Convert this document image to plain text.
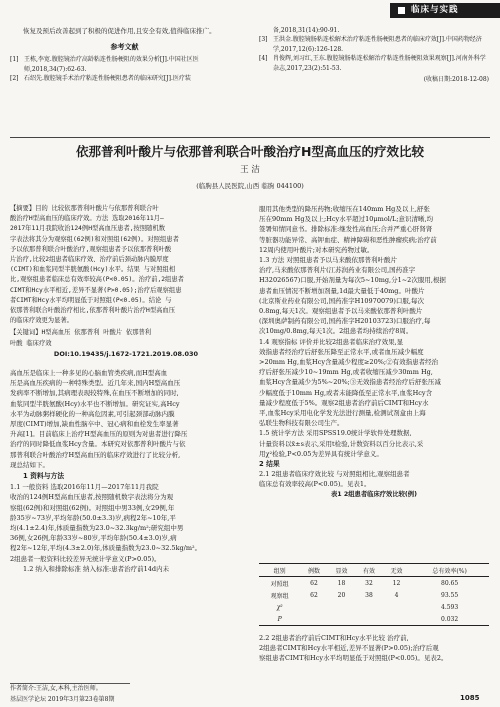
临床与实践

恢复及预后改善起到了积极的促进作用,且安全有效,值得临床推广。

参考文献
[1] 王栋,李宽.腹腔镜治疗高龄粘连性肠梗阻的效果分析[J].中国社区医师,2018,34(7):62-63.

[2] 石绍先.腹腔镜手术治疗粘连性肠梗阻患者的临床研究[J].医疗装

备,2018,31(14):90-91.

[3] 王洪金.腹腔镜肠粘连松解术治疗粘连性肠梗阻患者的临床疗效[J].中国药物经济学,2017,12(6):126-128.

[4] 肖俊辉,刘习红,王东.腹腔镜肠粘连松解治疗粘连性肠梗阻效果观察[J].河南外科学杂志,2017,23(2):51-53.

(收稿日期:2018-12-08)

依那普利叶酸片与依那普利联合叶酸治疗H型高血压的疗效比较
王 洁
(临朐县人民医院,山西 临朐 044100)
【摘要】目的 比较依那普利叶酸片与依那普利联合叶
酸治疗H型高血压的临床疗效。方法 选取2016年11月—
2017年11月我院收治124例H型高血压患者,按照随机数
字表法将其分为观察组(62例)和对照组(62例)。对照组患者
予以依那普利联合叶酸治疗,观察组患者予以依那普利叶酸
片治疗,比较2组患者临床疗效、治疗前后颈动脉内膜厚度
(CIMT)和血浆同型半胱氨酸(Hcy)水平。结果 与对照组相
比,观察组患者临床总有效率较高(P<0.05)。治疗前,2组患者
CIMT和Hcy水平相近,差异不显著(P>0.05);治疗后观察组患
者CIMT和Hcy水平均明显低于对照组(P<0.05)。结论 与
依那普利联合叶酸治疗相比,依那普利叶酸片治疗H型高血压
的临床疗效更为显著。
【关键词】H型高血压 依那普利 叶酸片 依那普利
叶酸 临床疗效
DOI:10.19435/j.1672-1721.2019.08.030
高血压是临床上一种多见的心脑血管类疾病,而H型高血
压是高血压疾病的一种特殊类型。近几年来,国内H型高血压
发病率不断增加,其病理表现较特殊,在血压不断增加的同时,
血浆同型半胱氨酸(Hcy)水平也不断增加。研究证实,高Hcy
水平为动脉粥样硬化的一种高危因素,可引起颈部动脉内膜
厚度(CIMT)增加,缺血性脑卒中、冠心病和血栓发生率显著
升高[1]。目前临床上治疗H型高血压的原则为对患者进行降压
治疗的同时降低血浆Hcy含量。本研究对依那普利叶酸片与依
那普利联合叶酸治疗H型高血压的临床疗效进行了比较分析,
现总结如下。
1 资料与方法
1.1 一般资料 选取2016年11月—2017年11月我院
收治的124例H型高血压患者,按照随机数字表法将分为观
察组(62例)和对照组(62例)。对照组中男33例,女29例,年
龄35岁~73岁,平均年龄(50.0±3.3)岁,病程2年~10年,平
均(4.1±2.4)年,体质量指数为23.0~32.3kg/m²;研究组中男
36例,女26例,年龄33岁~80岁,平均年龄(50.4±3.0)岁,病
程2年~12年,平均(4.3±2.0)年,体质量指数为23.0~32.5kg/m²。
2组患者一般资料比较差异无统计学意义(P>0.05)。
1.2 纳入和排除标准 纳入标准:患者治疗前14d内未
作者简介:王洁,女,本科,主治医师。
基层医学论坛 2019年3月第23卷第8期	1085
服用其他类型的降压药物;收缩压在140mm Hg及以上,舒张
压在90mm Hg及以上;Hcy水平超过10μmol/L;意识清晰,均
签署知情同意书。排除标准:继发性高血压;合并严重心肝肾肾
等脏器功能异常、高钾血症、精神障碍和恶性肿瘤疾病;治疗前
12周内使用叶酸片;对本研究药物过敏。
1.3 方法 对照组患者予以马来酸依那普利叶酸片
治疗,马来酸依那普利片(江苏润药业有限公司,国药准字
H32026567)口服,开始剂量为每次5~10mg,分1~2次服用,根据
患者血压情况不断增加剂量,1d最大量低于40mg。叶酸片
(北京斯业药业有限公司,国药准字H10970079)口服,每次
0.8mg,每天1次。观察组患者予以马来酸依那普利叶酸片
(深圳奥萨制药有限公司,国药准字H20103723)口服治疗,每
次10mg/0.8mg,每天1次。2组患者均持续治疗8周。
1.4 观察指标 评价并比较2组患者临床治疗效果,显
效指患者经治疗后舒张压降至正常水平,或者血压减少幅度
>20mm Hg,血浆Hcy含量减少程度≥20%;②有效指患者经治
疗后舒张压减少10~19mm Hg,或者收缩压减少30mm Hg,
血浆Hcy含量减少为5%~20%;③无效指患者经治疗后舒张压减
少幅度低于10mm Hg,或者未能降低至正常水平,血浆Hcy含
量减少程度低于5%。观察2组患者治疗前后CIMT和Hcy水
平,血浆Hcy采用电化学发光法进行测量,检测试剂盒由上海
弘联生物科技有限公司生产。
1.5 统计学方法 采用SPSS19.0统计学软件处理数据,
计量资料以x̄±s表示,采用t检验,计数资料以百分比表示,采
用χ²检验,P<0.05为差异具有统计学意义。
2 结果
2.1 2组患者临床疗效比较 与对照组相比,观察组患者
临床总有效率较高(P<0.05)。见表1。
表1 2组患者临床疗效比较(例)
组别	例数	显效	有效	无效	总有效率(%)
对照组	62	18	32	12	80.65
观察组	62	20	38	4	93.55
χ²					4.593
P					0.032
2.2 2组患者治疗前后CIMT和Hcy水平比较 治疗前,
2组患者CIMT和Hcy水平相近,差异不显著(P>0.05);治疗后观
察组患者CIMT和Hcy水平均明显低于对照组(P<0.05)。见表2。
